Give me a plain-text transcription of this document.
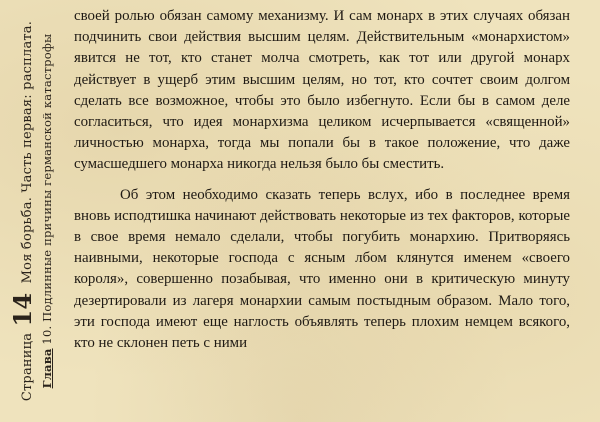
Страница 14 Моя борьба. Часть первая: расплата.
Глава 10. Подлинные причины германской катастрофы

своей ролью обязан самому механизму. И сам монарх в этих случаях обязан подчинить свои действия высшим целям. Действительным «монархистом» явится не тот, кто станет молча смотреть, как тот или другой монарх действует в ущерб этим высшим целям, но тот, кто сочтет своим долгом сделать все возможное, чтобы это было избегнуто. Если бы в самом деле согласиться, что идея монархизма целиком исчерпывается «священной» личностью монарха, тогда мы попали бы в такое положение, что даже сумасшедшего монарха никогда нельзя было бы сместить.

Об этом необходимо сказать теперь вслух, ибо в последнее время вновь исподтишка начинают действовать некоторые из тех факторов, которые в свое время немало сделали, чтобы погубить монархию. Притворяясь наивными, некоторые господа с ясным лбом клянутся именем «своего короля», совершенно позабывая, что именно они в критическую минуту дезертировали из лагеря монархии самым постыдным образом. Мало того, эти господа имеют еще наглость объявлять теперь плохим немцем всякого, кто не склонен петь с ними
